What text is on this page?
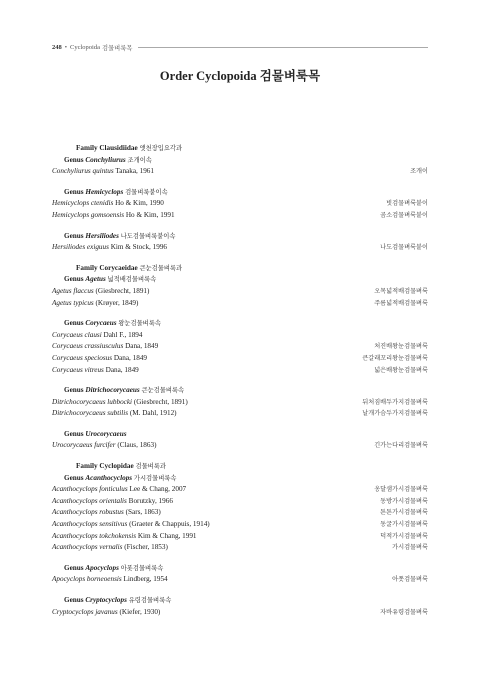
248 • Cyclopoida 검물벼룩목
Order Cyclopoida 검물벼룩목
Family Clausidiidae 앳천장입요각과
Genus Conchyliurus 조개이속
Conchyliurus quintus Tanaka, 1961	조개이
Genus Hemicyclops 검물벼룩붙이속
Hemicyclops ctenidis Ho & Kim, 1990	빗검물벼룩붙이
Hemicyclops gomsoensis Ho & Kim, 1991	곰소검물벼룩붙이
Genus Hersiliodes 나도검물벼룩붙이속
Hersiliodes exiguus Kim & Stock, 1996	나도검물벼룩붙이
Family Corycaeidae 큰눈검물벼룩과
Genus Agetus 넓적배검물벼룩속
Agetus flaccus (Giesbrecht, 1891)	오목넓적배검물벼룩
Agetus typicus (Krøyer, 1849)	주름넓적배검물벼룩
Genus Corycaeus 왕눈검물벼룩속
Corycaeus clausi Dahl F., 1894
Corycaeus crassiusculus Dana, 1849	처진배왕눈검물벼룩
Corycaeus speciosus Dana, 1849	큰갈래꼬리왕눈검물벼룩
Corycaeus vitreus Dana, 1849	넓은배왕눈검물벼룩
Genus Ditrichocorycaeus 큰눈검물벼룩속
Ditrichocorycaeus lubbocki (Giesbrecht, 1891)	뒤처짐배두가지검물벼룩
Ditrichocorycaeus subtilis (M. Dahl, 1912)	날개가슴두가지검물벼룩
Genus Urocorycaeus
Urocorycaeus furcifer (Claus, 1863)	긴가는다리검물벼룩
Family Cyclopidae 검물벼룩과
Genus Acanthocyclops 가시검물벼룩속
Acanthocyclops fonticulus Lee & Chang, 2007	옹달샘가시검물벼룩
Acanthocyclops orientalis Borutzky, 1966	동방가시검물벼룩
Acanthocyclops robustus (Sars, 1863)	튼튼가시검물벼룩
Acanthocyclops sensitivus (Graeter & Chappuis, 1914)	동굴가시검물벼룩
Acanthocyclops tokchokensis Kim & Chang, 1991	덕적가시검물벼룩
Acanthocyclops vernalis (Fischer, 1853)	가시검물벼룩
Genus Apocyclops 아폿검물벼룩속
Apocyclops borneoensis Lindberg, 1954	아폿검물벼룩
Genus Cryptocyclops 유령검물벼룩속
Cryptocyclops javanus (Kiefer, 1930)	자바유령검물벼룩
